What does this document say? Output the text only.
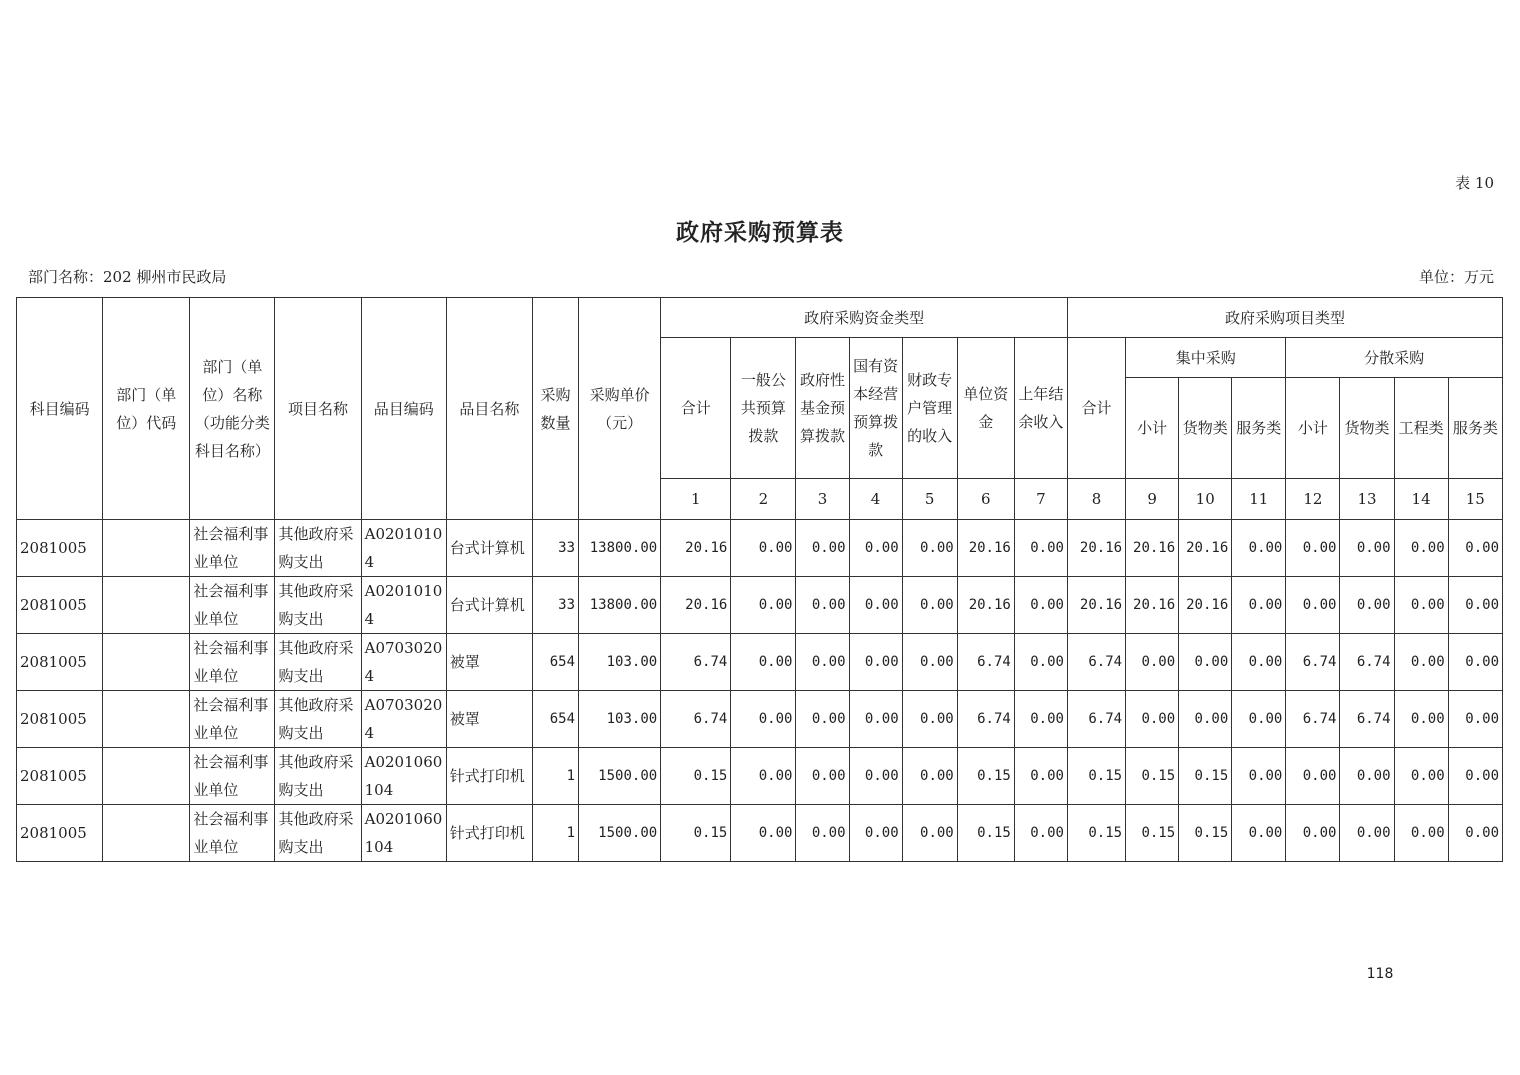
表 10
政府采购预算表
部门名称：202 柳州市民政局	单位：万元
科目编码	部门（单位）代码	部门（单位）名称（功能分类科目名称）	项目名称	品目编码	品目名称	采购数量	采购单价（元）	政府采购资金类型							政府采购项目类型							
								合计	一般公共预算拨款	政府性基金预算拨款	国有资本经营预算拨款	财政专户管理的收入	单位资金	上年结余收入	合计	集中采购			分散采购			
																小计	货物类	服务类	小计	货物类	工程类	服务类
								1	2	3	4	5	6	7	8	9	10	11	12	13	14	15
2081005		社会福利事业单位	其他政府采购支出	A02010104	台式计算机	33	13800.00	20.16	0.00	0.00	0.00	0.00	20.16	0.00	20.16	20.16	20.16	0.00	0.00	0.00	0.00	0.00
2081005		社会福利事业单位	其他政府采购支出	A02010104	台式计算机	33	13800.00	20.16	0.00	0.00	0.00	0.00	20.16	0.00	20.16	20.16	20.16	0.00	0.00	0.00	0.00	0.00
2081005		社会福利事业单位	其他政府采购支出	A07030204	被罩	654	103.00	6.74	0.00	0.00	0.00	0.00	6.74	0.00	6.74	0.00	0.00	0.00	6.74	6.74	0.00	0.00
2081005		社会福利事业单位	其他政府采购支出	A07030204	被罩	654	103.00	6.74	0.00	0.00	0.00	0.00	6.74	0.00	6.74	0.00	0.00	0.00	6.74	6.74	0.00	0.00
2081005		社会福利事业单位	其他政府采购支出	A0201060104	针式打印机	1	1500.00	0.15	0.00	0.00	0.00	0.00	0.15	0.00	0.15	0.15	0.15	0.00	0.00	0.00	0.00	0.00
2081005		社会福利事业单位	其他政府采购支出	A0201060104	针式打印机	1	1500.00	0.15	0.00	0.00	0.00	0.00	0.15	0.00	0.15	0.15	0.15	0.00	0.00	0.00	0.00	0.00
118
